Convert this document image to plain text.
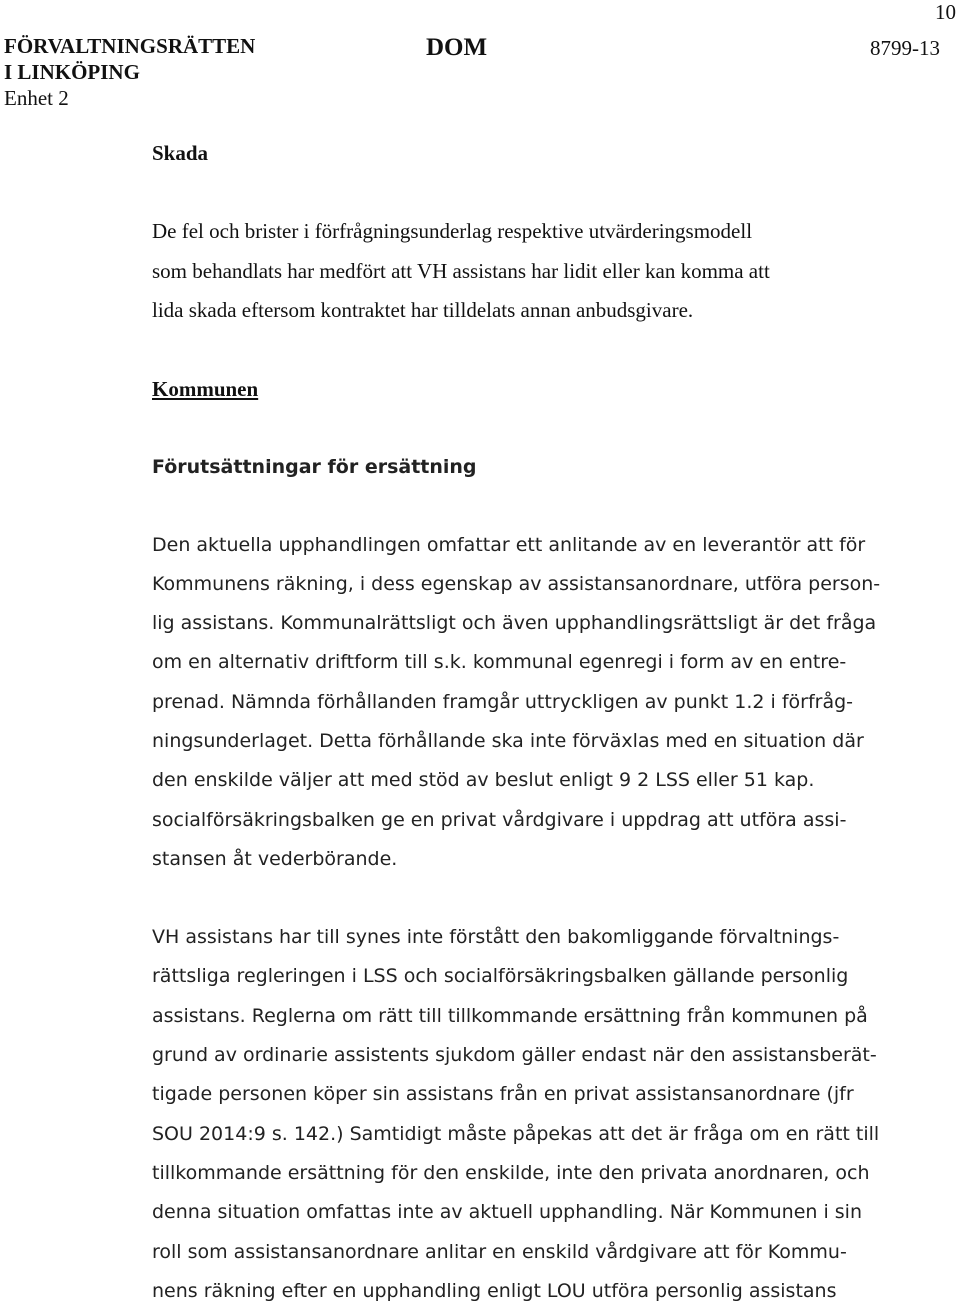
10
FÖRVALTNINGSRÄTTEN
I LINKÖPING
Enhet 2
DOM	8799-13
Skada
De fel och brister i förfrågningsunderlag respektive utvärderingsmodell
som behandlats har medfört att VH assistans har lidit eller kan komma att
lida skada eftersom kontraktet har tilldelats annan anbudsgivare.
Kommunen
Förutsättningar för ersättning
Den aktuella upphandlingen omfattar ett anlitande av en leverantör att för
Kommunens räkning, i dess egenskap av assistansanordnare, utföra person-
lig assistans. Kommunalrättsligt och även upphandlingsrättsligt är det fråga
om en alternativ driftform till s.k. kommunal egenregi i form av en entre-
prenad. Nämnda förhållanden framgår uttryckligen av punkt 1.2 i förfråg-
ningsunderlaget. Detta förhållande ska inte förväxlas med en situation där
den enskilde väljer att med stöd av beslut enligt 9 2 LSS eller 51 kap.
socialförsäkringsbalken ge en privat vårdgivare i uppdrag att utföra assi-
stansen åt vederbörande.
VH assistans har till synes inte förstått den bakomliggande förvaltnings-
rättsliga regleringen i LSS och socialförsäkringsbalken gällande personlig
assistans. Reglerna om rätt till tillkommande ersättning från kommunen på
grund av ordinarie assistents sjukdom gäller endast när den assistansberät-
tigade personen köper sin assistans från en privat assistansanordnare (jfr
SOU 2014:9 s. 142.) Samtidigt måste påpekas att det är fråga om en rätt till
tillkommande ersättning för den enskilde, inte den privata anordnaren, och
denna situation omfattas inte av aktuell upphandling. När Kommunen i sin
roll som assistansanordnare anlitar en enskild vårdgivare att för Kommu-
nens räkning efter en upphandling enligt LOU utföra personlig assistans
